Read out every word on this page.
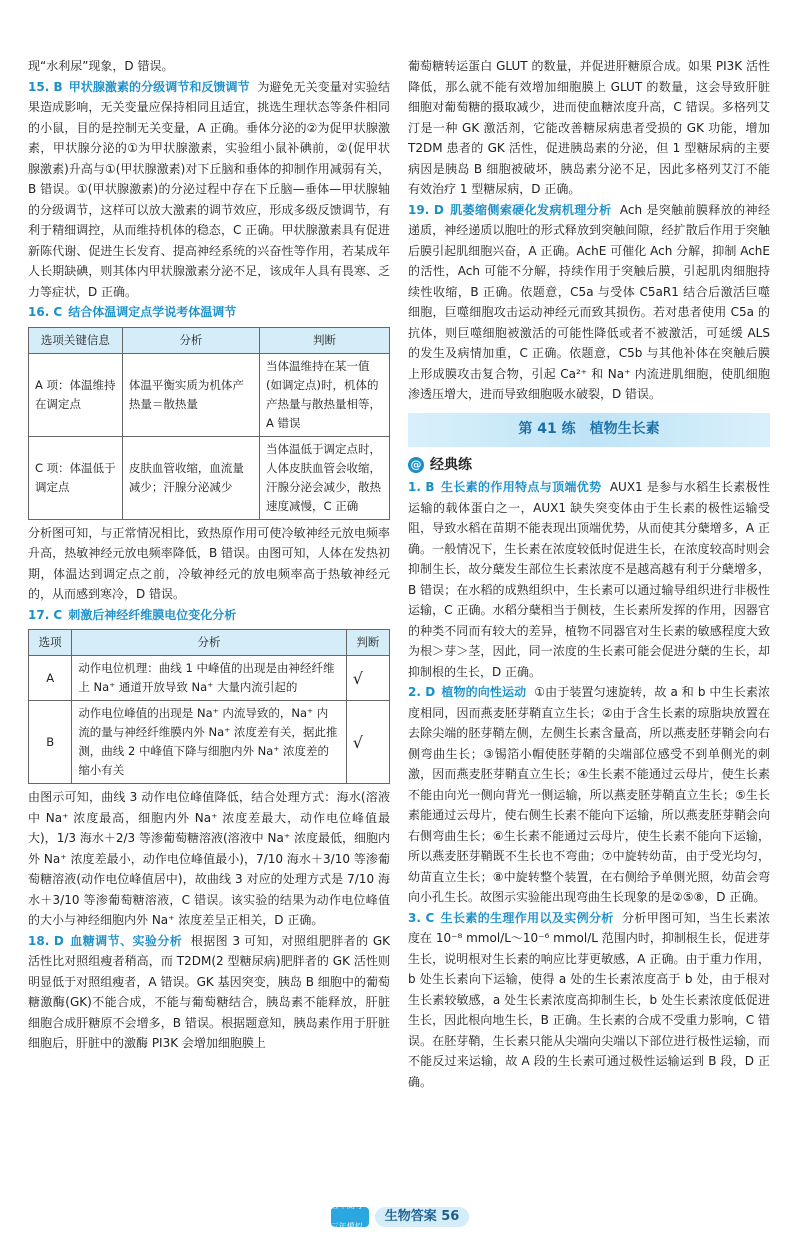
现“水利尿”现象，D 错误。

15. B 甲状腺激素的分级调节和反馈调节 为避免无关变量对实验结果造成影响，无关变量应保持相同且适宜，挑选生理状态等条件相同的小鼠，目的是控制无关变量，A 正确。垂体分泌的②为促甲状腺激素，甲状腺分泌的①为甲状腺激素，实验组小鼠补碘前，②(促甲状腺激素)升高与①(甲状腺激素)对下丘脑和垂体的抑制作用减弱有关，B 错误。①(甲状腺激素)的分泌过程中存在下丘脑—垂体—甲状腺轴的分级调节，这样可以放大激素的调节效应，形成多级反馈调节，有利于精细调控，从而维持机体的稳态，C 正确。甲状腺激素具有促进新陈代谢、促进生长发育、提高神经系统的兴奋性等作用，若某成年人长期缺碘，则其体内甲状腺激素分泌不足，该成年人具有畏寒、乏力等症状，D 正确。

16. C 结合体温调定点学说考体温调节

选项关键信息	分析	判断
A 项：体温维持在调定点	体温平衡实质为机体产热量＝散热量	当体温维持在某一值(如调定点)时，机体的产热量与散热量相等，A 错误
C 项：体温低于调定点	皮肤血管收缩，血流量减少；汗腺分泌减少	当体温低于调定点时，人体皮肤血管会收缩，汗腺分泌会减少，散热速度减慢，C 正确

分析图可知，与正常情况相比，致热原作用可使冷敏神经元放电频率升高，热敏神经元放电频率降低，B 错误。由图可知，人体在发热初期，体温达到调定点之前，冷敏神经元的放电频率高于热敏神经元的，从而感到寒冷，D 错误。

17. C 刺激后神经纤维膜电位变化分析

选项	分析	判断
A	动作电位机理：曲线 1 中峰值的出现是由神经纤维上 Na⁺ 通道开放导致 Na⁺ 大量内流引起的	√
B	动作电位峰值的出现是 Na⁺ 内流导致的，Na⁺ 内流的量与神经纤维膜内外 Na⁺ 浓度差有关，据此推测，曲线 2 中峰值下降与细胞内外 Na⁺ 浓度差的缩小有关	√

由图示可知，曲线 3 动作电位峰值降低，结合处理方式：海水(溶液中 Na⁺ 浓度最高，细胞内外 Na⁺ 浓度差最大，动作电位峰值最大)，1/3 海水＋2/3 等渗葡萄糖溶液(溶液中 Na⁺ 浓度最低，细胞内外 Na⁺ 浓度差最小，动作电位峰值最小)，7/10 海水＋3/10 等渗葡萄糖溶液(动作电位峰值居中)，故曲线 3 对应的处理方式是 7/10 海水＋3/10 等渗葡萄糖溶液，C 错误。该实验的结果为动作电位峰值的大小与神经细胞内外 Na⁺ 浓度差呈正相关，D 正确。

18. D 血糖调节、实验分析 根据图 3 可知，对照组肥胖者的 GK 活性比对照组瘦者稍高，而 T2DM(2 型糖尿病)肥胖者的 GK 活性则明显低于对照组瘦者，A 错误。GK 基因突变，胰岛 B 细胞中的葡萄糖激酶(GK)不能合成，不能与葡萄糖结合，胰岛素不能释放，肝脏细胞合成肝糖原不会增多，B 错误。根据题意知，胰岛素作用于肝脏细胞后，肝脏中的激酶 PI3K 会增加细胞膜上

葡萄糖转运蛋白 GLUT 的数量，并促进肝糖原合成。如果 PI3K 活性降低，那么就不能有效增加细胞膜上 GLUT 的数量，这会导致肝脏细胞对葡萄糖的摄取减少，进而使血糖浓度升高，C 错误。多格列艾汀是一种 GK 激活剂，它能改善糖尿病患者受损的 GK 功能，增加 T2DM 患者的 GK 活性，促进胰岛素的分泌，但 1 型糖尿病的主要病因是胰岛 B 细胞被破坏，胰岛素分泌不足，因此多格列艾汀不能有效治疗 1 型糖尿病，D 正确。

19. D 肌萎缩侧索硬化发病机理分析 Ach 是突触前膜释放的神经递质，神经递质以胞吐的形式释放到突触间隙，经扩散后作用于突触后膜引起肌细胞兴奋，A 正确。AchE 可催化 Ach 分解，抑制 AchE 的活性，Ach 可能不分解，持续作用于突触后膜，引起肌肉细胞持续性收缩，B 正确。依题意，C5a 与受体 C5aR1 结合后激活巨噬细胞，巨噬细胞攻击运动神经元而致其损伤。若对患者使用 C5a 的抗体，则巨噬细胞被激活的可能性降低或者不被激活，可延缓 ALS 的发生及病情加重，C 正确。依题意，C5b 与其他补体在突触后膜上形成膜攻击复合物，引起 Ca²⁺ 和 Na⁺ 内流进肌细胞，使肌细胞渗透压增大，进而导致细胞吸水破裂，D 错误。

第 41 练　植物生长素
@ 经典练

1. B 生长素的作用特点与顶端优势 AUX1 是参与水稻生长素极性运输的载体蛋白之一，AUX1 缺失突变体由于生长素的极性运输受阻，导致水稻在苗期不能表现出顶端优势，从而使其分蘖增多，A 正确。一般情况下，生长素在浓度较低时促进生长，在浓度较高时则会抑制生长，故分蘖发生部位生长素浓度不是越高越有利于分蘖增多，B 错误；在水稻的成熟组织中，生长素可以通过输导组织进行非极性运输，C 正确。水稻分蘖相当于侧枝，生长素所发挥的作用，因器官的种类不同而有较大的差异，植物不同器官对生长素的敏感程度大致为根＞芽＞茎，因此，同一浓度的生长素可能会促进分蘖的生长，却抑制根的生长，D 正确。

2. D 植物的向性运动 ①由于装置匀速旋转，故 a 和 b 中生长素浓度相同，因而燕麦胚芽鞘直立生长；②由于含生长素的琼脂块放置在去除尖端的胚芽鞘左侧，左侧生长素含量高，所以燕麦胚芽鞘会向右侧弯曲生长；③锡箔小帽使胚芽鞘的尖端部位感受不到单侧光的刺激，因而燕麦胚芽鞘直立生长；④生长素不能通过云母片，使生长素不能由向光一侧向背光一侧运输，所以燕麦胚芽鞘直立生长；⑤生长素能通过云母片，使右侧生长素不能向下运输，所以燕麦胚芽鞘会向右侧弯曲生长；⑥生长素不能通过云母片，使生长素不能向下运输，所以燕麦胚芽鞘既不生长也不弯曲；⑦中旋转幼苗，由于受光均匀，幼苗直立生长；⑧中旋转整个装置，在右侧给予单侧光照，幼苗会弯向小孔生长。故图示实验能出现弯曲生长现象的是②⑤⑧，D 正确。

3. C 生长素的生理作用以及实例分析 分析甲图可知，当生长素浓度在 10⁻⁸ mmol/L～10⁻⁶ mmol/L 范围内时，抑制根生长，促进芽生长，说明根对生长素的响应比芽更敏感，A 正确。由于重力作用，b 处生长素向下运输，使得 a 处的生长素浓度高于 b 处，由于根对生长素较敏感，a 处生长素浓度高抑制生长，b 处生长素浓度低促进生长，因此根向地生长，B 正确。生长素的合成不受重力影响，C 错误。在胚芽鞘，生长素只能从尖端向尖端以下部位进行极性运输，而不能反过来运输，故 A 段的生长素可通过极性运输运到 B 段，D 正确。

五年高考 三年模拟
生物答案 56
